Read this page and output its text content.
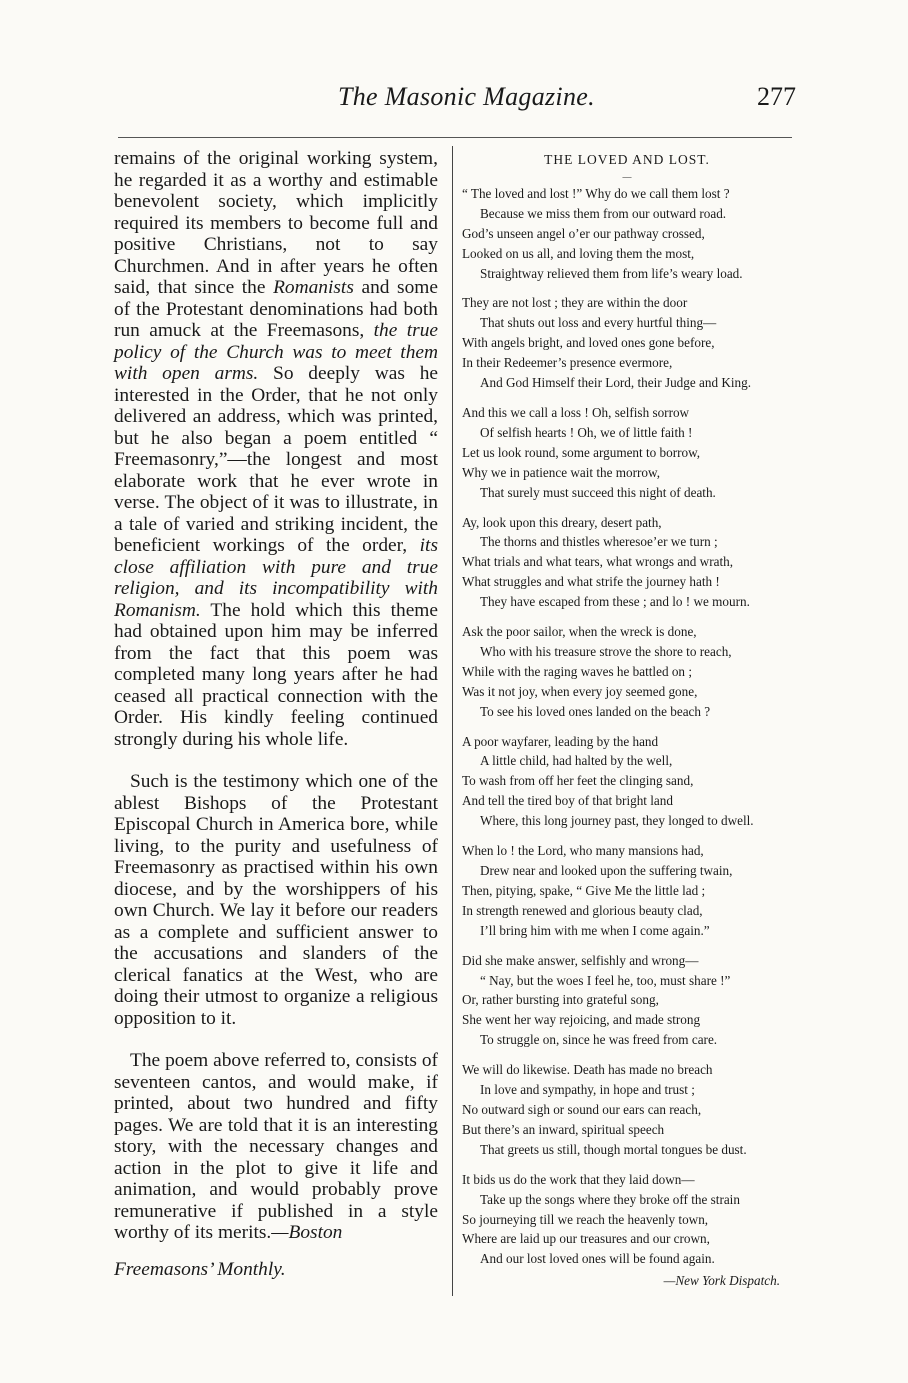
The Masonic Magazine.	277

remains of the original working system, he regarded it as a worthy and estimable benevolent society, which implicitly required its members to become full and positive Christians, not to say Churchmen. And in after years he often said, that since the Romanists and some of the Protestant denominations had both run amuck at the Freemasons, the true policy of the Church was to meet them with open arms. So deeply was he interested in the Order, that he not only delivered an address, which was printed, but he also began a poem entitled “ Freemasonry,”—the longest and most elaborate work that he ever wrote in verse. The object of it was to illustrate, in a tale of varied and striking incident, the beneficient workings of the order, its close affiliation with pure and true religion, and its incompatibility with Romanism. The hold which this theme had obtained upon him may be inferred from the fact that this poem was completed many long years after he had ceased all practical connection with the Order. His kindly feeling continued strongly during his whole life.

Such is the testimony which one of the ablest Bishops of the Protestant Episcopal Church in America bore, while living, to the purity and usefulness of Freemasonry as practised within his own diocese, and by the worshippers of his own Church. We lay it before our readers as a complete and sufficient answer to the accusations and slanders of the clerical fanatics at the West, who are doing their utmost to organize a religious opposition to it.

The poem above referred to, consists of seventeen cantos, and would make, if printed, about two hundred and fifty pages. We are told that it is an interesting story, with the necessary changes and action in the plot to give it life and animation, and would probably prove remunerative if published in a style worthy of its merits.—Boston

Freemasons’ Monthly.

THE LOVED AND LOST.
—
“ The loved and lost !” Why do we call them lost ?
Because we miss them from our outward road.
God’s unseen angel o’er our pathway crossed,
Looked on us all, and loving them the most,
Straightway relieved them from life’s weary load.
They are not lost ; they are within the door
That shuts out loss and every hurtful thing—
With angels bright, and loved ones gone before,
In their Redeemer’s presence evermore,
And God Himself their Lord, their Judge and King.
And this we call a loss ! Oh, selfish sorrow
Of selfish hearts ! Oh, we of little faith !
Let us look round, some argument to borrow,
Why we in patience wait the morrow,
That surely must succeed this night of death.
Ay, look upon this dreary, desert path,
The thorns and thistles wheresoe’er we turn ;
What trials and what tears, what wrongs and wrath,
What struggles and what strife the journey hath !
They have escaped from these ; and lo ! we mourn.
Ask the poor sailor, when the wreck is done,
Who with his treasure strove the shore to reach,
While with the raging waves he battled on ;
Was it not joy, when every joy seemed gone,
To see his loved ones landed on the beach ?
A poor wayfarer, leading by the hand
A little child, had halted by the well,
To wash from off her feet the clinging sand,
And tell the tired boy of that bright land
Where, this long journey past, they longed to dwell.
When lo ! the Lord, who many mansions had,
Drew near and looked upon the suffering twain,
Then, pitying, spake, “ Give Me the little lad ;
In strength renewed and glorious beauty clad,
I’ll bring him with me when I come again.”
Did she make answer, selfishly and wrong—
“ Nay, but the woes I feel he, too, must share !”
Or, rather bursting into grateful song,
She went her way rejoicing, and made strong
To struggle on, since he was freed from care.
We will do likewise. Death has made no breach
In love and sympathy, in hope and trust ;
No outward sigh or sound our ears can reach,
But there’s an inward, spiritual speech
That greets us still, though mortal tongues be dust.
It bids us do the work that they laid down—
Take up the songs where they broke off the strain
So journeying till we reach the heavenly town,
Where are laid up our treasures and our crown,
And our lost loved ones will be found again.
—New York Dispatch.
